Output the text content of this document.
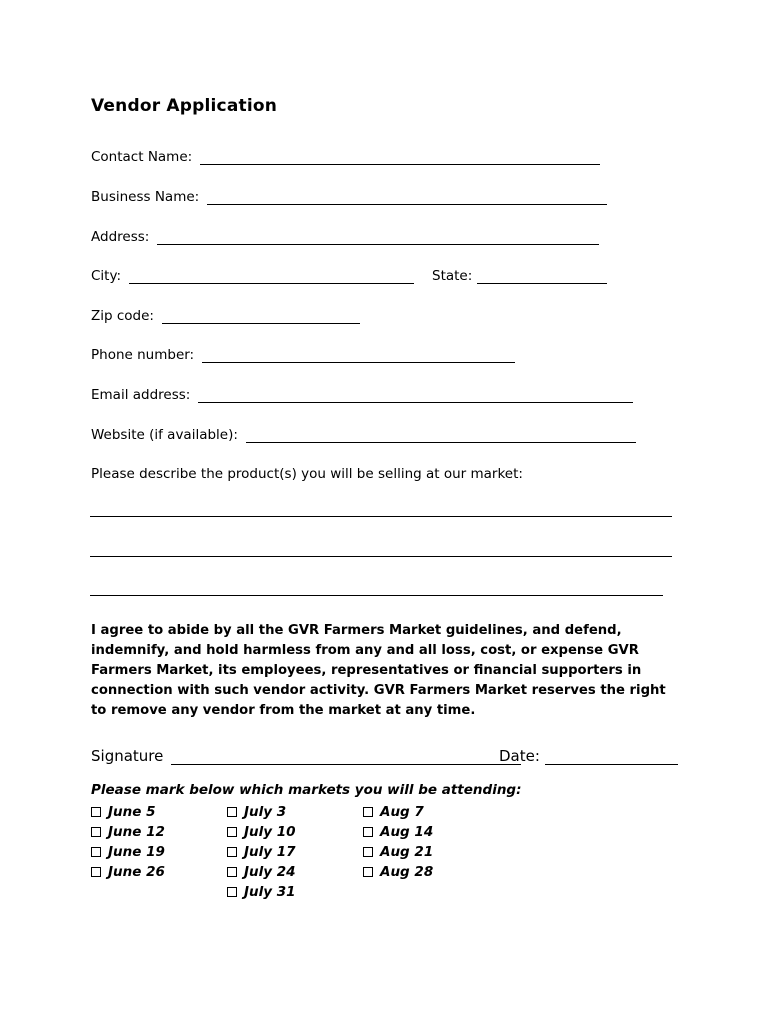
Vendor Application
Contact Name:
Business Name:
Address:
City:	State:
Zip code:
Phone number:
Email address:
Website (if available):
Please describe the product(s) you will be selling at our market:

I agree to abide by all the GVR Farmers Market guidelines, and defend, indemnify, and hold harmless from any and all loss, cost, or expense GVR Farmers Market, its employees, representatives or financial supporters in connection with such vendor activity. GVR Farmers Market reserves the right to remove any vendor from the market at any time.

Signature	Date:
Please mark below which markets you will be attending:
June 5
June 12
June 19
June 26
July 3
July 10
July 17
July 24
July 31
Aug 7
Aug 14
Aug 21
Aug 28
